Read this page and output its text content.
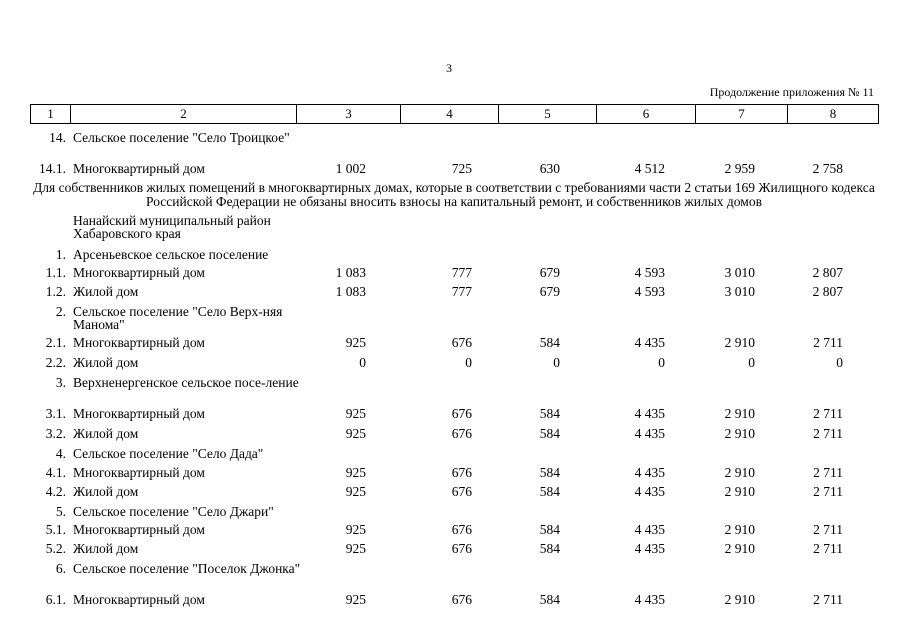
3
Продолжение приложения № 11
1	2	3	4	5	6	7	8
14. Сельское поселение "Село Троицкое"
14.1. Многоквартирный дом	1 002	725	630	4 512	2 959	2 758
Для собственников жилых помещений в многоквартирных домах, которые в соответствии с требованиями части 2 статьи 169 Жилищного кодекса Российской Федерации не обязаны вносить взносы на капитальный ремонт, и собственников жилых домов
Нанайский муниципальный район Хабаровского края
1. Арсеньевское сельское поселение
1.1. Многоквартирный дом	1 083	777	679	4 593	3 010	2 807
1.2. Жилой дом	1 083	777	679	4 593	3 010	2 807
2. Сельское поселение "Село Верх-няя Манома"
2.1. Многоквартирный дом	925	676	584	4 435	2 910	2 711
2.2. Жилой дом	0	0	0	0	0	0
3. Верхненергенское сельское посе-ление
3.1. Многоквартирный дом	925	676	584	4 435	2 910	2 711
3.2. Жилой дом	925	676	584	4 435	2 910	2 711
4. Сельское поселение "Село Дада"
4.1. Многоквартирный дом	925	676	584	4 435	2 910	2 711
4.2. Жилой дом	925	676	584	4 435	2 910	2 711
5. Сельское поселение "Село Джари"
5.1. Многоквартирный дом	925	676	584	4 435	2 910	2 711
5.2. Жилой дом	925	676	584	4 435	2 910	2 711
6. Сельское поселение "Поселок Джонка"
6.1. Многоквартирный дом	925	676	584	4 435	2 910	2 711
